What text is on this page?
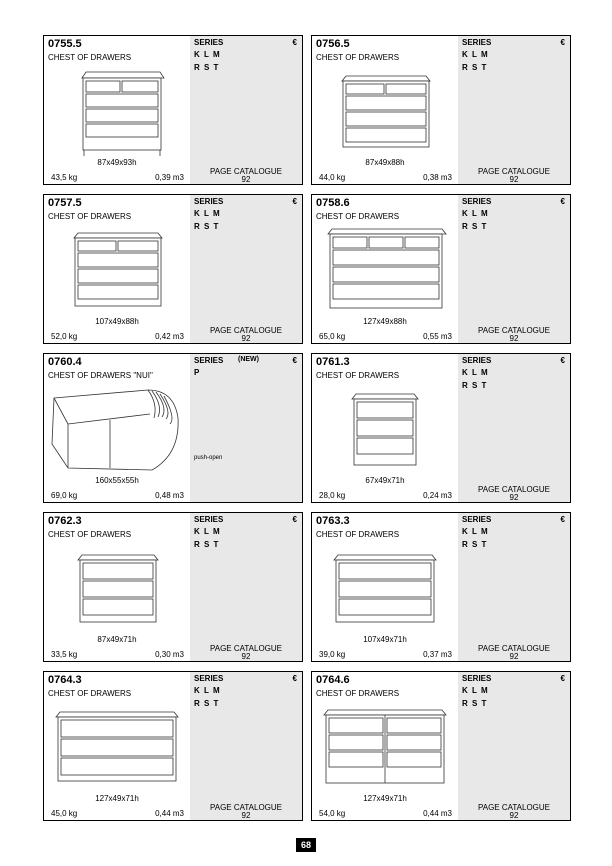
0755.5
CHEST OF DRAWERS
87x49x93h
43,5 kg	0,39 m3
SERIES	€
K L M
R S T
PAGE CATALOGUE
92
0756.5
CHEST OF DRAWERS
87x49x88h
44,0 kg	0,38 m3
SERIES	€
K L M
R S T
PAGE CATALOGUE
92
0757.5
CHEST OF DRAWERS
107x49x88h
52,0 kg	0,42 m3
SERIES	€
K L M
R S T
PAGE CATALOGUE
92
0758.6
CHEST OF DRAWERS
127x49x88h
65,0 kg	0,55 m3
SERIES	€
K L M
R S T
PAGE CATALOGUE
92
0760.4
CHEST OF DRAWERS "NUI"
160x55x55h
69,0 kg	0,48 m3
SERIES (NEW)	€
P
push-open
0761.3
CHEST OF DRAWERS
67x49x71h
28,0 kg	0,24 m3
SERIES	€
K L M
R S T
PAGE CATALOGUE
92
0762.3
CHEST OF DRAWERS
87x49x71h
33,5 kg	0,30 m3
SERIES	€
K L M
R S T
PAGE CATALOGUE
92
0763.3
CHEST OF DRAWERS
107x49x71h
39,0 kg	0,37 m3
SERIES	€
K L M
R S T
PAGE CATALOGUE
92
0764.3
CHEST OF DRAWERS
127x49x71h
45,0 kg	0,44 m3
SERIES	€
K L M
R S T
PAGE CATALOGUE
92
0764.6
CHEST OF DRAWERS
127x49x71h
54,0 kg	0,44 m3
SERIES	€
K L M
R S T
PAGE CATALOGUE
92
68
